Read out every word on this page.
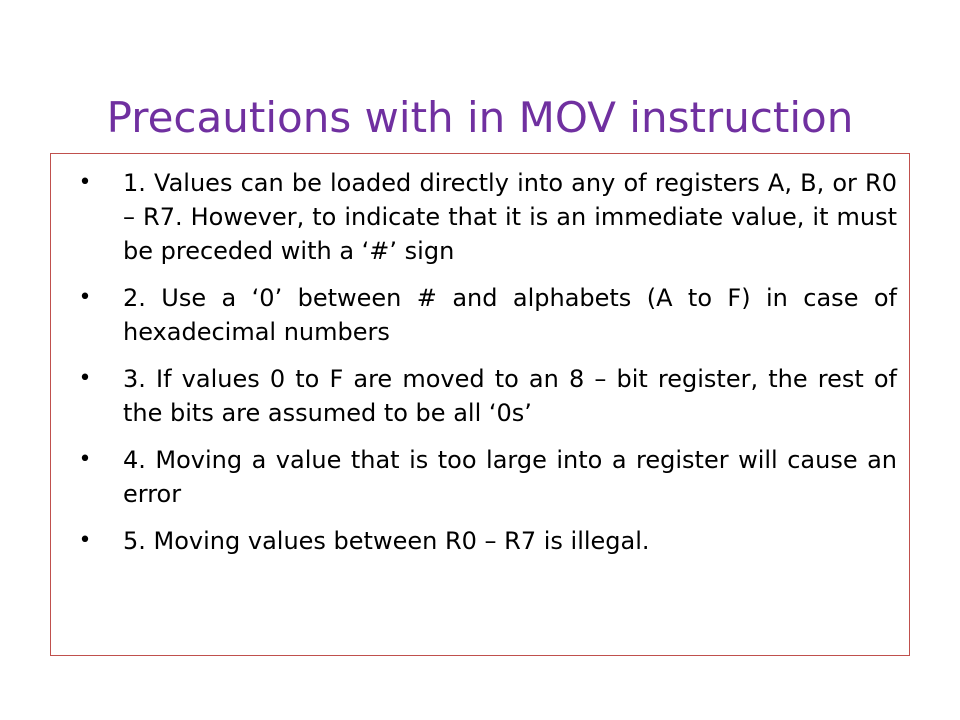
Precautions with in MOV instruction
• 1. Values can be loaded directly into any of registers A, B, or R0 – R7. However, to indicate that it is an immediate value, it must be preceded with a ‘#’ sign
• 2. Use a ‘0’ between # and alphabets (A to F) in case of hexadecimal numbers
• 3. If values 0 to F are moved to an 8 – bit register, the rest of the bits are assumed to be all ‘0s’
• 4. Moving a value that is too large into a register will cause an error
• 5. Moving values between R0 – R7 is illegal.
